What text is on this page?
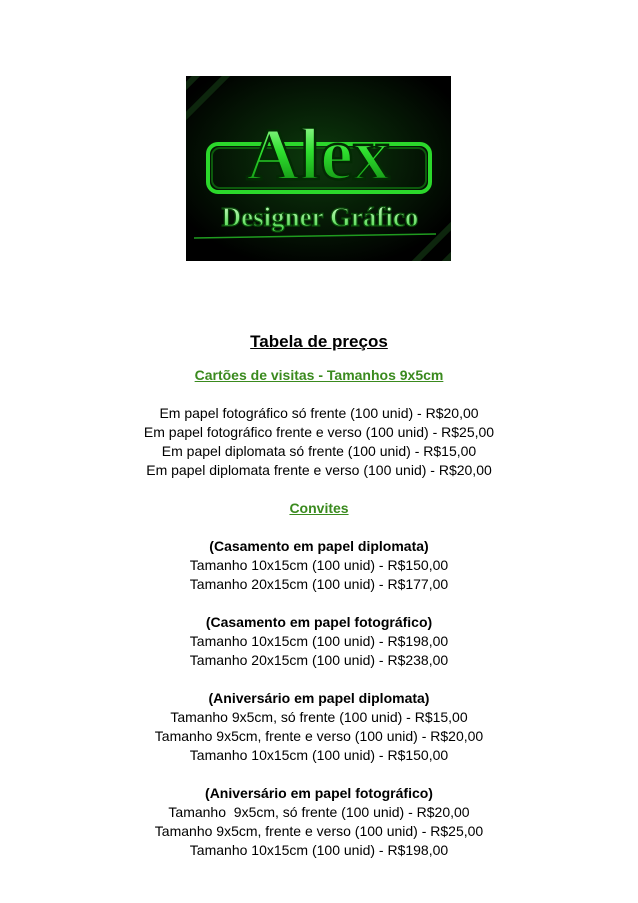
Alex
Designer Gráfico
Tabela de preços
Cartões de visitas - Tamanhos 9x5cm

Em papel fotográfico só frente (100 unid) - R$20,00

Em papel fotográfico frente e verso (100 unid) - R$25,00

Em papel diplomata só frente (100 unid) - R$15,00

Em papel diplomata frente e verso (100 unid) - R$20,00

Convites

(Casamento em papel diplomata)

Tamanho 10x15cm (100 unid) - R$150,00

Tamanho 20x15cm (100 unid) - R$177,00

(Casamento em papel fotográfico)

Tamanho 10x15cm (100 unid) - R$198,00

Tamanho 20x15cm (100 unid) - R$238,00

(Aniversário em papel diplomata)

Tamanho 9x5cm, só frente (100 unid) - R$15,00

Tamanho 9x5cm, frente e verso (100 unid) - R$20,00

Tamanho 10x15cm (100 unid) - R$150,00

(Aniversário em papel fotográfico)

Tamanho  9x5cm, só frente (100 unid) - R$20,00

Tamanho 9x5cm, frente e verso (100 unid) - R$25,00

Tamanho 10x15cm (100 unid) - R$198,00
